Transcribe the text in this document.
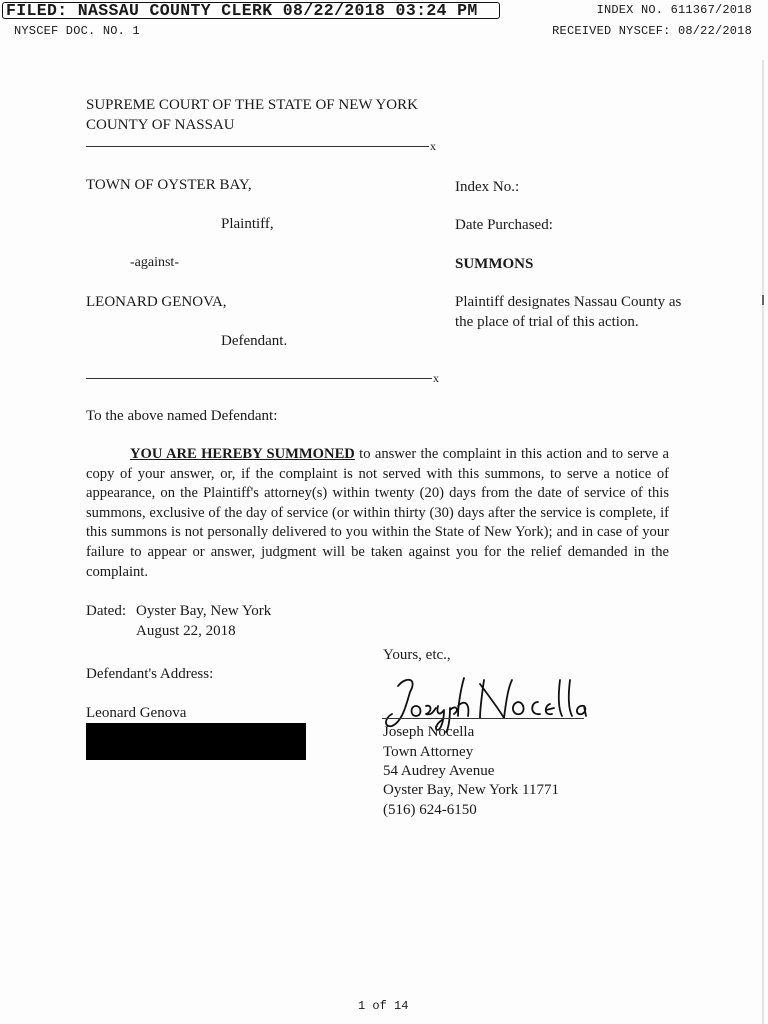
FILED: NASSAU COUNTY CLERK 08/22/2018 03:24 PM	INDEX NO. 611367/2018
NYSCEF DOC. NO. 1	RECEIVED NYSCEF: 08/22/2018
SUPREME COURT OF THE STATE OF NEW YORK
COUNTY OF NASSAU
x
TOWN OF OYSTER BAY,
Plaintiff,
-against-
LEONARD GENOVA,
Defendant.
x
Index No.:
Date Purchased:
SUMMONS
Plaintiff designates Nassau County as
the place of trial of this action.
To the above named Defendant:
YOU ARE HEREBY SUMMONED to answer the complaint in this action and to serve a copy of your answer, or, if the complaint is not served with this summons, to serve a notice of appearance, on the Plaintiff's attorney(s) within twenty (20) days from the date of service of this summons, exclusive of the day of service (or within thirty (30) days after the service is complete, if this summons is not personally delivered to you within the State of New York); and in case of your failure to appear or answer, judgment will be taken against you for the relief demanded in the complaint.
Dated: Oyster Bay, New York
August 22, 2018
Defendant's Address:
Leonard Genova
Yours, etc.,
Joseph Nocella
Town Attorney
54 Audrey Avenue
Oyster Bay, New York 11771
(516) 624-6150
1 of 14
